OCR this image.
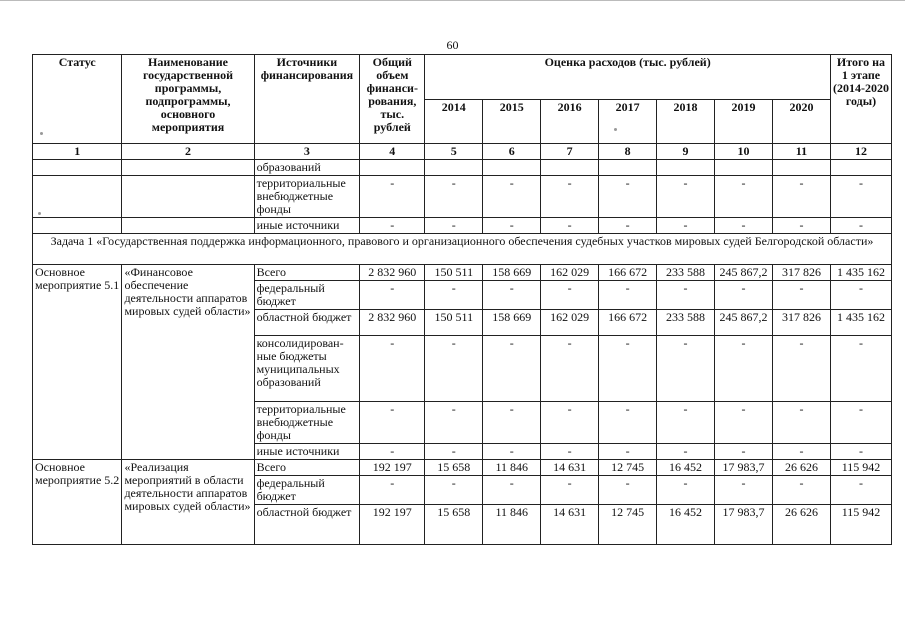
60
Статус	Наименование государственной программы, подпрограммы, основного мероприятия	Источники финансирования	Общий объем финанси-рования, тыс. рублей	Оценка расходов (тыс. рублей)							Итого на 1 этапе (2014-2020 годы)
				2014	2015	2016	2017	2018	2019	2020	
1	2	3	4	5	6	7	8	9	10	11	12
		образований									
		территориальные внебюджетные фонды	-	-	-	-	-	-	-	-	-
		иные источники	-	-	-	-	-	-	-	-	-
Задача 1 «Государственная поддержка информационного, правового и организационного обеспечения судебных участков мировых судей Белгородской области»											
Основное мероприятие 5.1	«Финансовое обеспечение деятельности аппаратов мировых судей области»	Всего	2 832 960	150 511	158 669	162 029	166 672	233 588	245 867,2	317 826	1 435 162
		федеральный бюджет	-	-	-	-	-	-	-	-	-
		областной бюджет	2 832 960	150 511	158 669	162 029	166 672	233 588	245 867,2	317 826	1 435 162
		консолидирован-ные бюджеты муниципальных образований	-	-	-	-	-	-	-	-	-
		территориальные внебюджетные фонды	-	-	-	-	-	-	-	-	-
		иные источники	-	-	-	-	-	-	-	-	-
Основное мероприятие 5.2	«Реализация мероприятий в области деятельности аппаратов мировых судей области»	Всего	192 197	15 658	11 846	14 631	12 745	16 452	17 983,7	26 626	115 942
		федеральный бюджет	-	-	-	-	-	-	-	-	-
		областной бюджет	192 197	15 658	11 846	14 631	12 745	16 452	17 983,7	26 626	115 942
